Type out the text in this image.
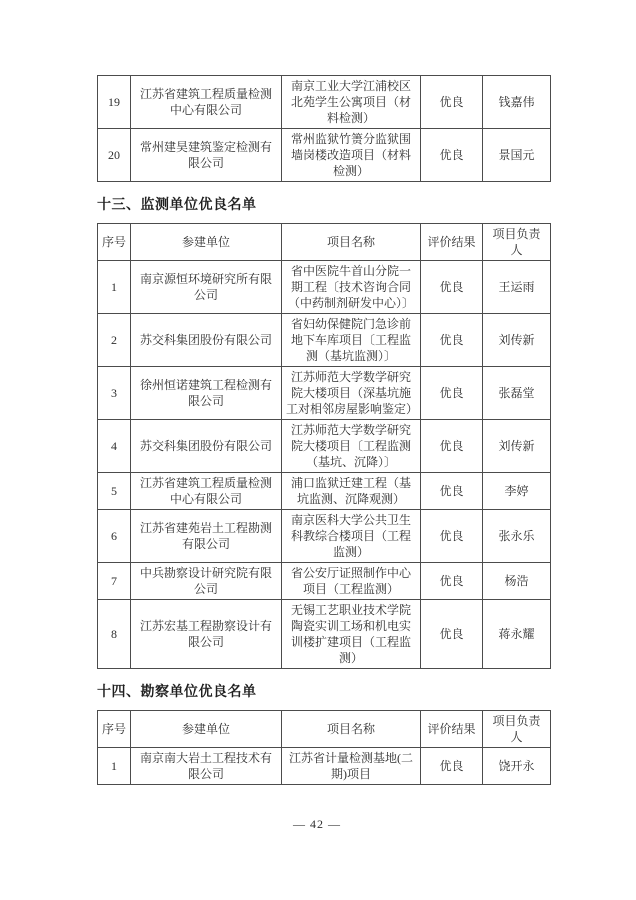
19	江苏省建筑工程质量检测中心有限公司	南京工业大学江浦校区北苑学生公寓项目（材料检测）	优良	钱嘉伟
20	常州建昊建筑鉴定检测有限公司	常州监狱竹箦分监狱围墙岗楼改造项目（材料检测）	优良	景国元
十三、监测单位优良名单
序号	参建单位	项目名称	评价结果	项目负责人
1	南京源恒环境研究所有限公司	省中医院牛首山分院一期工程〔技术咨询合同（中药制剂研发中心）〕	优良	王运雨
2	苏交科集团股份有限公司	省妇幼保健院门急诊前地下车库项目〔工程监测（基坑监测）〕	优良	刘传新
3	徐州恒诺建筑工程检测有限公司	江苏师范大学数学研究院大楼项目（深基坑施工对相邻房屋影响鉴定）	优良	张磊堂
4	苏交科集团股份有限公司	江苏师范大学数学研究院大楼项目〔工程监测（基坑、沉降）〕	优良	刘传新
5	江苏省建筑工程质量检测中心有限公司	浦口监狱迁建工程（基坑监测、沉降观测）	优良	李婷
6	江苏省建苑岩土工程勘测有限公司	南京医科大学公共卫生科教综合楼项目（工程监测）	优良	张永乐
7	中兵勘察设计研究院有限公司	省公安厅证照制作中心项目（工程监测）	优良	杨浩
8	江苏宏基工程勘察设计有限公司	无锡工艺职业技术学院陶瓷实训工场和机电实训楼扩建项目（工程监测）	优良	蒋永耀
十四、勘察单位优良名单
序号	参建单位	项目名称	评价结果	项目负责人
1	南京南大岩土工程技术有限公司	江苏省计量检测基地(二期)项目	优良	饶开永
— 42 —
